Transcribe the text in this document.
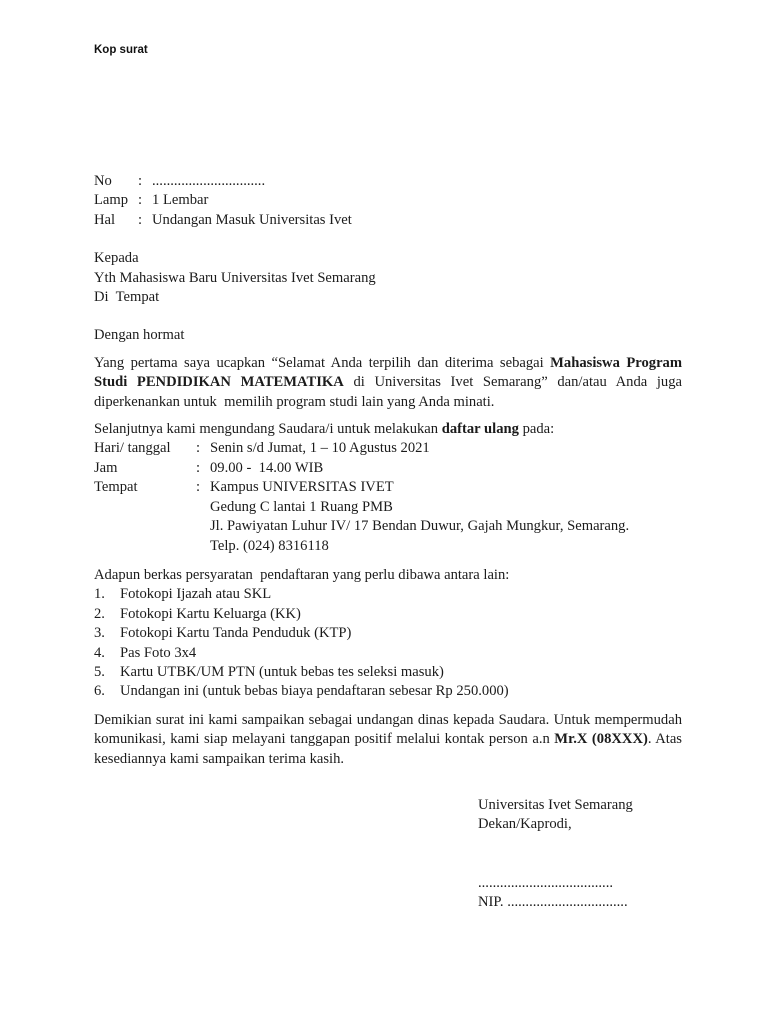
Kop surat
No	: ...............................
Lamp : 1 Lembar
Hal	: Undangan Masuk Universitas Ivet
Kepada
Yth Mahasiswa Baru Universitas Ivet Semarang
Di  Tempat
Dengan hormat

Yang pertama saya ucapkan “Selamat Anda terpilih dan diterima sebagai Mahasiswa Program Studi PENDIDIKAN MATEMATIKA di Universitas Ivet Semarang” dan/atau Anda juga diperkenankan untuk  memilih program studi lain yang Anda minati.

Selanjutnya kami mengundang Saudara/i untuk melakukan daftar ulang pada:

Hari/ tanggal	: Senin s/d Jumat, 1 – 10 Agustus 2021
Jam	: 09.00 -  14.00 WIB
Tempat	: Kampus UNIVERSITAS IVET
Gedung C lantai 1 Ruang PMB
Jl. Pawiyatan Luhur IV/ 17 Bendan Duwur, Gajah Mungkur, Semarang.
Telp. (024) 8316118
Adapun berkas persyaratan  pendaftaran yang perlu dibawa antara lain:
1.	Fotokopi Ijazah atau SKL
2.	Fotokopi Kartu Keluarga (KK)
3.	Fotokopi Kartu Tanda Penduduk (KTP)
4.	Pas Foto 3x4
5.	Kartu UTBK/UM PTN (untuk bebas tes seleksi masuk)
6.	Undangan ini (untuk bebas biaya pendaftaran sebesar Rp 250.000)

Demikian surat ini kami sampaikan sebagai undangan dinas kepada Saudara. Untuk mempermudah komunikasi, kami siap melayani tanggapan positif melalui kontak person a.n Mr.X (08XXX). Atas kesediannya kami sampaikan terima kasih.

Universitas Ivet Semarang
Dekan/Kaprodi,
.....................................
NIP. .................................
